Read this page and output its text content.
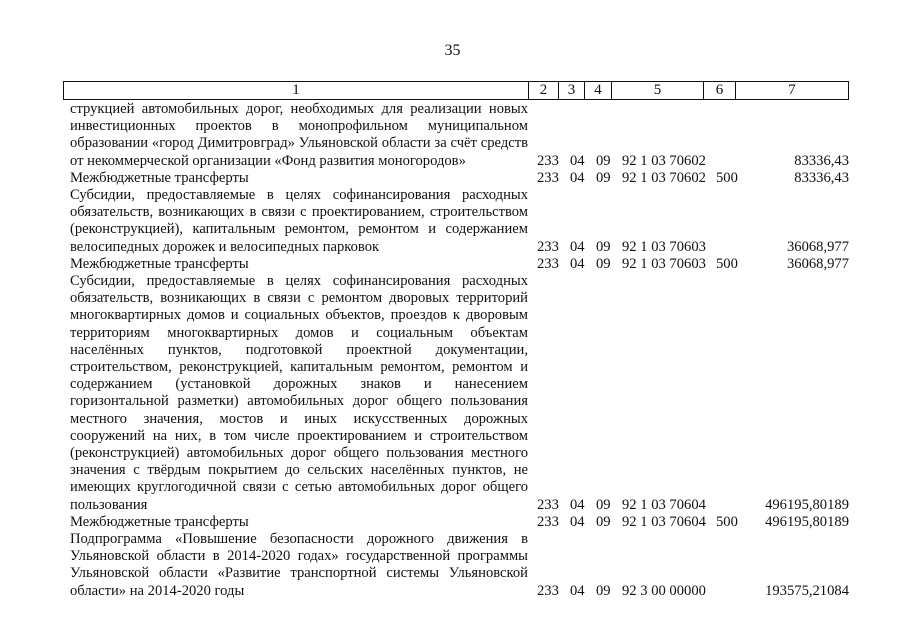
35
1	2	3	4	5	6	7
струкцией автомобильных дорог, необходимых для реализации новых инвестиционных проектов в монопрофильном муниципальном образовании «город Димитровград» Ульяновской области за счёт средств от некоммерческой организации «Фонд развития моногородов»	233 04 09 92 1 03 70602	83336,43
Межбюджетные трансферты	233 04 09 92 1 03 70602 500	83336,43
Субсидии, предоставляемые в целях софинансирования расходных обязательств, возникающих в связи с проектированием, строительством (реконструкцией), капитальным ремонтом, ремонтом и содержанием велосипедных дорожек и велосипедных парковок	233 04 09 92 1 03 70603	36068,977
Межбюджетные трансферты	233 04 09 92 1 03 70603 500	36068,977
Субсидии, предоставляемые в целях софинансирования расходных обязательств, возникающих в связи с ремонтом дворовых территорий многоквартирных домов и социальных объектов, проездов к дворовым территориям многоквартирных домов и социальным объектам населённых пунктов, подготовкой проектной документации, строительством, реконструкцией, капитальным ремонтом, ремонтом и содержанием (установкой дорожных знаков и нанесением горизонтальной разметки) автомобильных дорог общего пользования местного значения, мостов и иных искусственных дорожных сооружений на них, в том числе проектированием и строительством (реконструкцией) автомобильных дорог общего пользования местного значения с твёрдым покрытием до сельских населённых пунктов, не имеющих круглогодичной связи с сетью автомобильных дорог общего пользования	233 04 09 92 1 03 70604	496195,80189
Межбюджетные трансферты	233 04 09 92 1 03 70604 500 496195,80189
Подпрограмма «Повышение безопасности дорожного движения в Ульяновской области в 2014-2020 годах» государственной программы Ульяновской области «Развитие транспортной системы Ульяновской области» на 2014-2020 годы	233 04 09 92 3 00 00000	193575,21084
